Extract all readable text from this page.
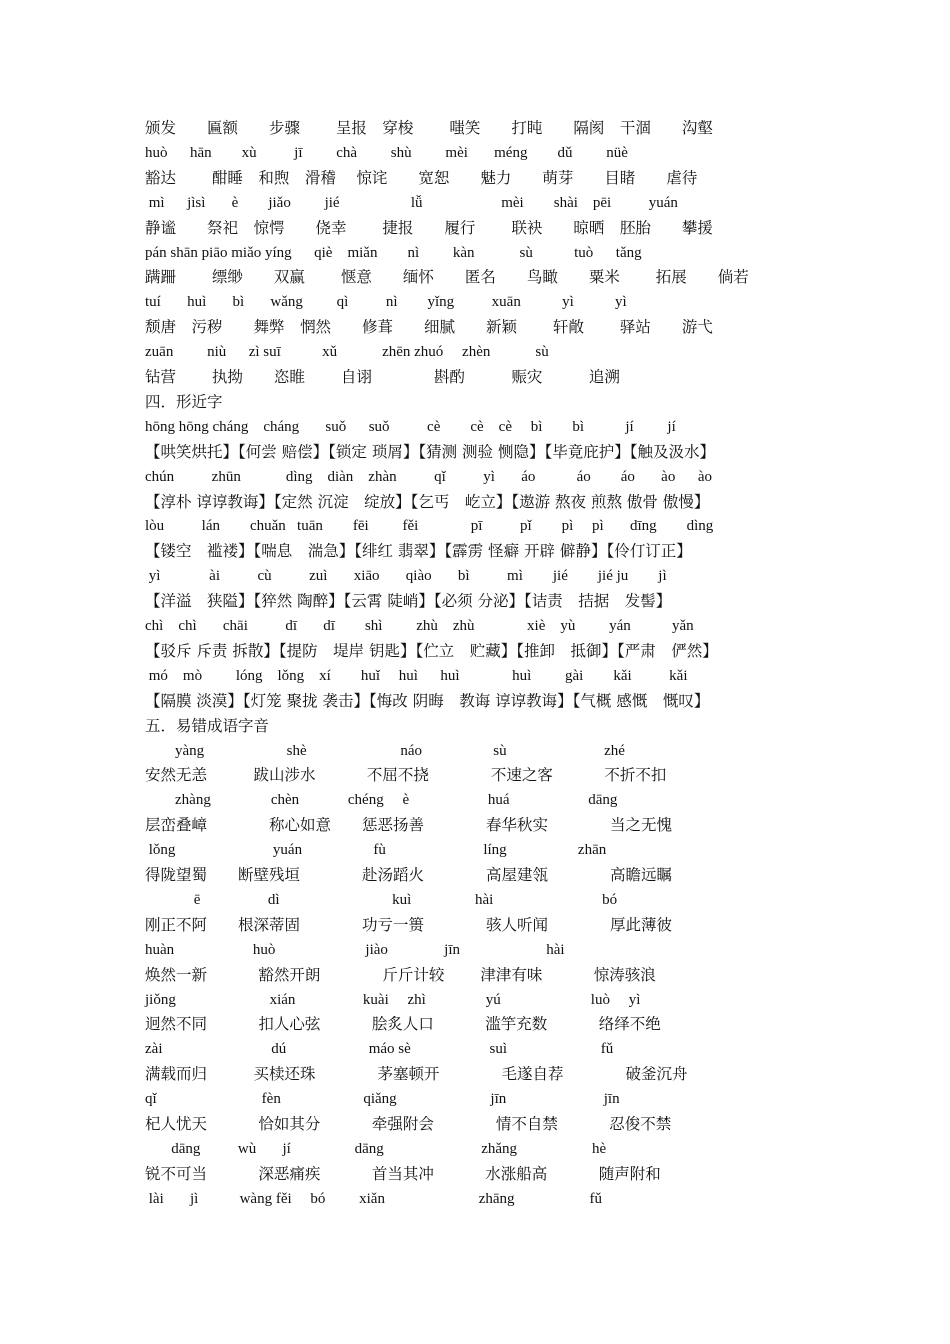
颁发　　匾额　　步骤　　 呈报　穿梭　　 嗤笑　　打盹　　隔阂　干涸　　沟壑
huò      hān        xù          jī         chà         shù         mèi       méng        dǔ         nüè
豁达　　 酣睡　和煦　滑稽　 惊诧　　宽恕　　魅力　　萌芽　　目睹　　虐待
mì      jìsì       è        jiǎo         jié                   lǚ                     mèi        shài    pēi          yuán
静谧　　祭祀　惊愕　　侥幸　　 捷报　　履行　　 联袂　　晾晒　胚胎　　攀援
pán shān piāo miǎo yíng      qiè    miǎn        nì         kàn            sù           tuò      tǎng
蹒跚　　 缥缈　　双赢　　 惬意　　缅怀　　匿名　　鸟瞰　　粟米　　 拓展　　倘若
tuí       huì       bì       wǎng         qì          nì        yǐng          xuān           yì           yì
颓唐　污秽　　舞弊　惘然　　修葺　　细腻　　新颖　　 轩敞　　 驿站　　游弋
zuān         niù      zì suī           xǔ            zhēn zhuó     zhèn            sù
钻营　　 执拗　　恣睢　　 自诩　　　　斟酌　　　赈灾　　　追溯
四．形近字
hōng hōng cháng    cháng       suǒ      suǒ          cè        cè    cè     bì        bì           jí         jí
【哄笑烘托】【何尝 赔偿】【锁定 琐屑】【猜测 测验 恻隐】【毕竟庇护】【触及汲水】
chún          zhūn            dìng    diàn    zhàn          qǐ          yì       áo           áo        áo       ào      ào
【淳朴 谆谆教诲】【定然 沉淀　绽放】【乞丐　屹立】【遨游 熬夜 煎熬 傲骨 傲慢】
lòu          lán        chuǎn   tuān        fēi         fěi              pī          pǐ        pì     pì       dīng        dìng
【镂空　褴褛】【喘息　湍急】【绯红 翡翠】【霹雳 怪癖 开辟 僻静】【伶仃订正】
yì             ài          cù          zuì       xiāo       qiào       bì          mì        jié        jié ju        jì
【洋溢　狭隘】【猝然 陶醉】【云霄 陡峭】【必须 分泌】【诘责　拮据　发髻】
chì    chì       chāi          dī       dī        shì         zhù    zhù              xiè    yù         yán           yǎn
【驳斥 斥责 拆散】【提防　堤岸 钥匙】【伫立　贮藏】【推卸　抵御】【严肃　俨然】
mó    mò         lóng    lǒng    xí        huǐ     huì      huì              huì         gài        kǎi          kǎi
【隔膜 淡漠】【灯笼 聚拢 袭击】【悔改 阴晦　教诲 谆谆教诲】【气概 感慨　慨叹】
五．易错成语字音
yàng                      shè                         náo                   sù                          zhé
安然无恙　　　跋山涉水　　　 不屈不挠　　　　不速之客　　　 不折不扣
zhàng                chèn             chéng     è                     huá                     dāng
层峦叠嶂　　　　称心如意　　惩恶扬善　　　　春华秋实　　　　当之无愧
lǒng                          yuán                   fù                          líng                   zhān
得陇望蜀　　断壁残垣　　　　赴汤蹈火　　　　高屋建瓴　　　　高瞻远瞩
ē                  dì                              kuì                 hài                             bó
刚正不阿　　根深蒂固　　　　功亏一篑　　　　骇人听闻　　　　厚此薄彼
huàn                     huò                        jiào               jīn                       hài
焕然一新　　　 豁然开朗　　　　斤斤计较　　 津津有味　　　 惊涛骇浪
jiǒng                         xián                  kuài     zhì                yú                        luò     yì
迥然不同　　　 扣人心弦　　　 脍炙人口　　　 滥竽充数　　　 络绎不绝
zài                             dú                      máo sè                     suì                         fǔ
满载而归　　　买椟还珠　　　　茅塞顿开　　　　毛遂自荐　　　　破釜沉舟
qǐ                            fèn                      qiǎng                         jīn                          jīn
杞人忧天　　　 恰如其分　　　 牵强附会　　　　情不自禁　　　 忍俊不禁
dāng          wù       jí                 dāng                          zhǎng                    hè
锐不可当　　　 深恶痛疾　　　 首当其冲　　　 水涨船高　　　 随声附和
lài       jì           wàng fěi     bó         xiǎn                         zhāng                    fǔ
